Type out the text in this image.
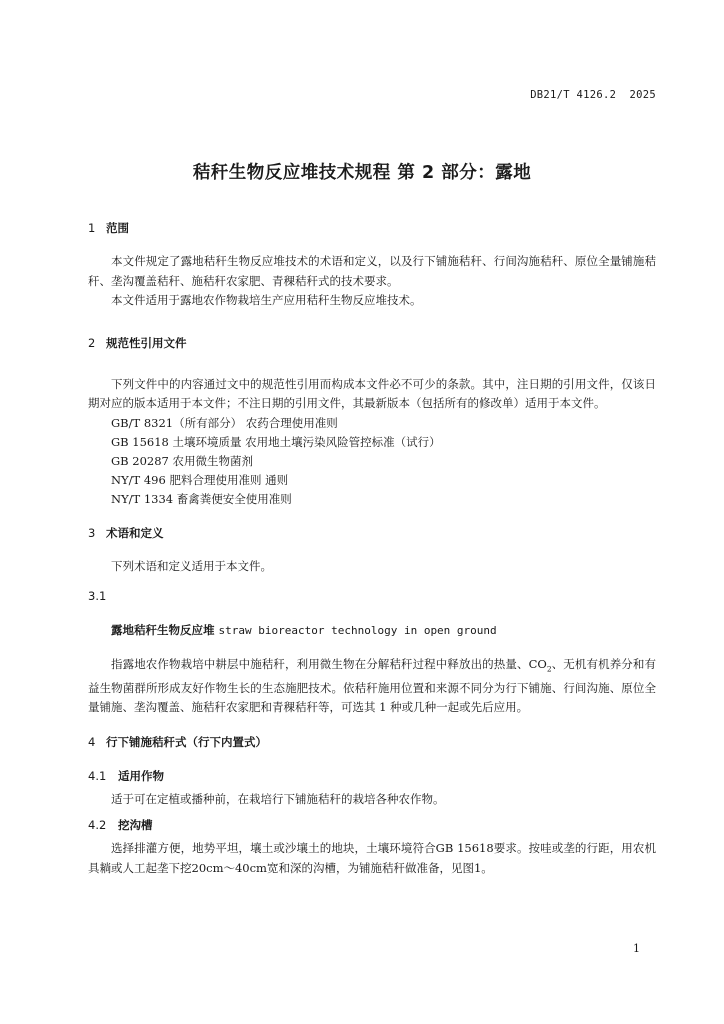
DB21/T 4126.2  2025
秸秆生物反应堆技术规程 第 2 部分：露地
1 范围

本文件规定了露地秸秆生物反应堆技术的术语和定义，以及行下铺施秸秆、行间沟施秸秆、原位全量铺施秸秆、垄沟覆盖秸秆、施秸秆农家肥、青稞秸秆式的技术要求。

本文件适用于露地农作物栽培生产应用秸秆生物反应堆技术。

2 规范性引用文件

下列文件中的内容通过文中的规范性引用而构成本文件必不可少的条款。其中，注日期的引用文件，仅该日期对应的版本适用于本文件；不注日期的引用文件，其最新版本（包括所有的修改单）适用于本文件。

GB/T 8321（所有部分） 农药合理使用准则
GB 15618 土壤环境质量 农用地土壤污染风险管控标准（试行）
GB 20287 农用微生物菌剂
NY/T 496 肥料合理使用准则 通则
NY/T 1334 畜禽粪便安全使用准则
3 术语和定义

下列术语和定义适用于本文件。

3.1
露地秸秆生物反应堆 straw bioreactor technology in open ground

指露地农作物栽培中耕层中施秸秆，利用微生物在分解秸秆过程中释放出的热量、$CO_2$、无机有机养分和有益生物菌群所形成友好作物生长的生态施肥技术。依秸秆施用位置和来源不同分为行下铺施、行间沟施、原位全量铺施、垄沟覆盖、施秸秆农家肥和青稞秸秆等，可选其 1 种或几种一起或先后应用。

4 行下铺施秸秆式（行下内置式）
4.1 适用作物

适于可在定植或播种前，在栽培行下铺施秸秆的栽培各种农作物。

4.2 挖沟槽

选择排灌方便，地势平坦，壤土或沙壤土的地块，土壤环境符合GB 15618要求。按哇或垄的行距，用农机具耥或人工起垄下挖20cm～40cm宽和深的沟槽，为铺施秸秆做准备，见图1。

1
